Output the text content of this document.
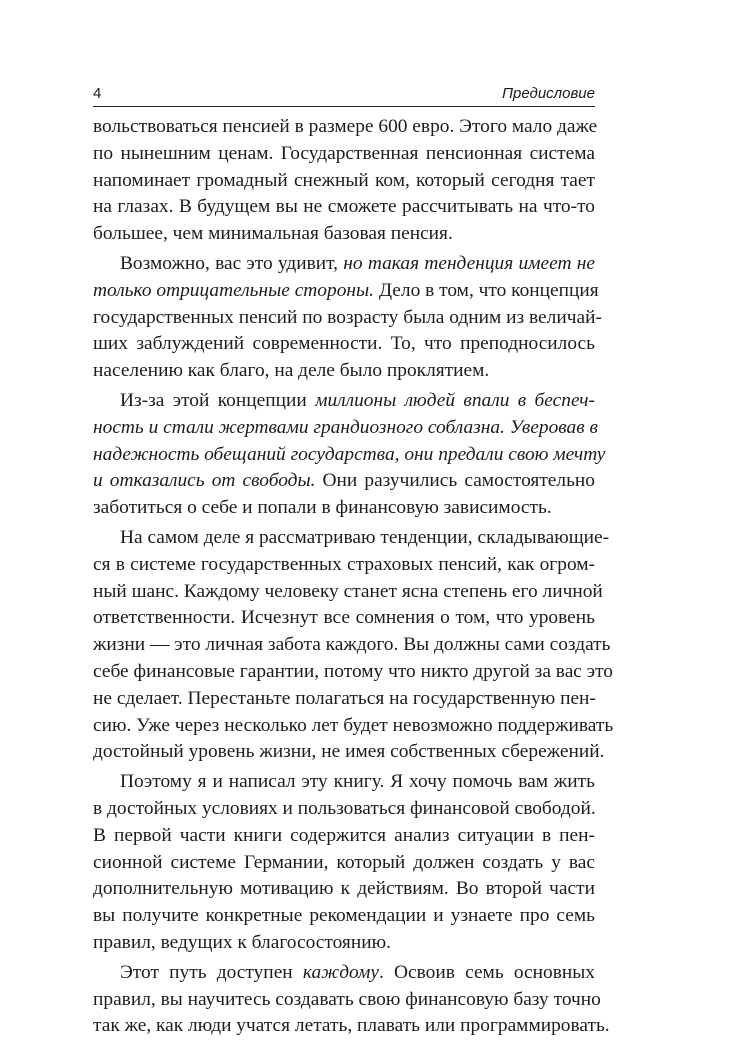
4	Предисловие
вольствоваться пенсией в размере 600 евро. Этого мало даже
по нынешним ценам. Государственная пенсионная система
напоминает громадный снежный ком, который сегодня тает
на глазах. В будущем вы не сможете рассчитывать на что-то
большее, чем минимальная базовая пенсия.
Возможно, вас это удивит, но такая тенденция имеет не
только отрицательные стороны. Дело в том, что концепция
государственных пенсий по возрасту была одним из величай-
ших заблуждений современности. То, что преподносилось
населению как благо, на деле было проклятием.
Из-за этой концепции миллионы людей впали в беспеч-
ность и стали жертвами грандиозного соблазна. Уверовав в
надежность обещаний государства, они предали свою мечту
и отказались от свободы. Они разучились самостоятельно
заботиться о себе и попали в финансовую зависимость.
На самом деле я рассматриваю тенденции, складывающие-
ся в системе государственных страховых пенсий, как огром-
ный шанс. Каждому человеку станет ясна степень его личной
ответственности. Исчезнут все сомнения о том, что уровень
жизни — это личная забота каждого. Вы должны сами создать
себе финансовые гарантии, потому что никто другой за вас это
не сделает. Перестаньте полагаться на государственную пен-
сию. Уже через несколько лет будет невозможно поддерживать
достойный уровень жизни, не имея собственных сбережений.
Поэтому я и написал эту книгу. Я хочу помочь вам жить
в достойных условиях и пользоваться финансовой свободой.
В первой части книги содержится анализ ситуации в пен-
сионной системе Германии, который должен создать у вас
дополнительную мотивацию к действиям. Во второй части
вы получите конкретные рекомендации и узнаете про семь
правил, ведущих к благосостоянию.
Этот путь доступен каждому. Освоив семь основных
правил, вы научитесь создавать свою финансовую базу точно
так же, как люди учатся летать, плавать или программировать.
